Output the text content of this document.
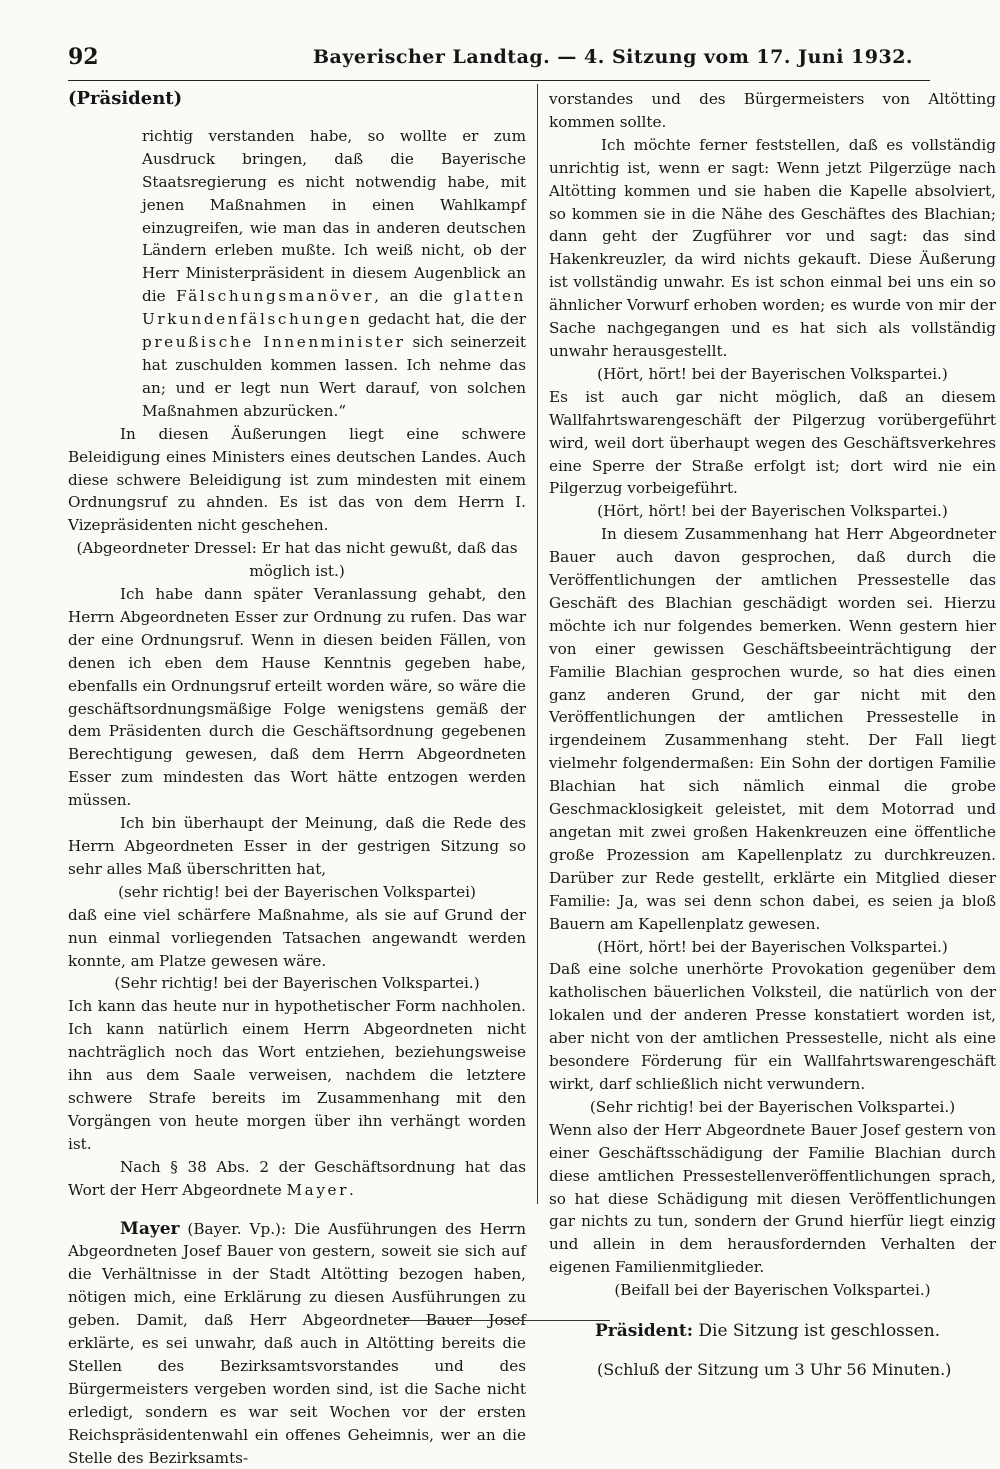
92	Bayerischer Landtag. — 4. Sitzung vom 17. Juni 1932.

(Präsident)

richtig verstanden habe, so wollte er zum Ausdruck bringen, daß die Bayerische Staatsregierung es nicht notwendig habe, mit jenen Maßnahmen in einen Wahlkampf einzugreifen, wie man das in anderen deutschen Ländern erleben mußte. Ich weiß nicht, ob der Herr Ministerpräsident in diesem Augenblick an die Fälschungsmanöver, an die glatten Urkundenfälschungen gedacht hat, die der preußische Innenminister sich seinerzeit hat zuschulden kommen lassen. Ich nehme das an; und er legt nun Wert darauf, von solchen Maßnahmen abzurücken.“

In diesen Äußerungen liegt eine schwere Beleidigung eines Ministers eines deutschen Landes. Auch diese schwere Beleidigung ist zum mindesten mit einem Ordnungsruf zu ahnden. Es ist das von dem Herrn I. Vizepräsidenten nicht geschehen.

(Abgeordneter Dressel: Er hat das nicht gewußt, daß das möglich ist.)

Ich habe dann später Veranlassung gehabt, den Herrn Abgeordneten Esser zur Ordnung zu rufen. Das war der eine Ordnungsruf. Wenn in diesen beiden Fällen, von denen ich eben dem Hause Kenntnis gegeben habe, ebenfalls ein Ordnungsruf erteilt worden wäre, so wäre die geschäftsordnungsmäßige Folge wenigstens gemäß der dem Präsidenten durch die Geschäftsordnung gegebenen Berechtigung gewesen, daß dem Herrn Abgeordneten Esser zum mindesten das Wort hätte entzogen werden müssen.

Ich bin überhaupt der Meinung, daß die Rede des Herrn Abgeordneten Esser in der gestrigen Sitzung so sehr alles Maß überschritten hat,

(sehr richtig! bei der Bayerischen Volkspartei)

daß eine viel schärfere Maßnahme, als sie auf Grund der nun einmal vorliegenden Tatsachen angewandt werden konnte, am Platze gewesen wäre.

(Sehr richtig! bei der Bayerischen Volkspartei.)

Ich kann das heute nur in hypothetischer Form nachholen. Ich kann natürlich einem Herrn Abgeordneten nicht nachträglich noch das Wort entziehen, beziehungsweise ihn aus dem Saale verweisen, nachdem die letztere schwere Strafe bereits im Zusammenhang mit den Vorgängen von heute morgen über ihn verhängt worden ist.

Nach § 38 Abs. 2 der Geschäftsordnung hat das Wort der Herr Abgeordnete Mayer.

Mayer (Bayer. Vp.): Die Ausführungen des Herrn Abgeordneten Josef Bauer von gestern, soweit sie sich auf die Verhältnisse in der Stadt Altötting bezogen haben, nötigen mich, eine Erklärung zu diesen Ausführungen zu geben. Damit, daß Herr Abgeordneter Bauer Josef erklärte, es sei unwahr, daß auch in Altötting bereits die Stellen des Bezirksamtsvorstandes und des Bürgermeisters vergeben worden sind, ist die Sache nicht erledigt, sondern es war seit Wochen vor der ersten Reichspräsidentenwahl ein offenes Geheimnis, wer an die Stelle des Bezirksamts-

vorstandes und des Bürgermeisters von Altötting kommen sollte.

Ich möchte ferner feststellen, daß es vollständig unrichtig ist, wenn er sagt: Wenn jetzt Pilgerzüge nach Altötting kommen und sie haben die Kapelle absolviert, so kommen sie in die Nähe des Geschäftes des Blachian; dann geht der Zugführer vor und sagt: das sind Hakenkreuzler, da wird nichts gekauft. Diese Äußerung ist vollständig unwahr. Es ist schon einmal bei uns ein so ähnlicher Vorwurf erhoben worden; es wurde von mir der Sache nachgegangen und es hat sich als vollständig unwahr herausgestellt.

(Hört, hört! bei der Bayerischen Volkspartei.)

Es ist auch gar nicht möglich, daß an diesem Wallfahrtswarengeschäft der Pilgerzug vorübergeführt wird, weil dort überhaupt wegen des Geschäftsverkehres eine Sperre der Straße erfolgt ist; dort wird nie ein Pilgerzug vorbeigeführt.

(Hört, hört! bei der Bayerischen Volkspartei.)

In diesem Zusammenhang hat Herr Abgeordneter Bauer auch davon gesprochen, daß durch die Veröffentlichungen der amtlichen Pressestelle das Geschäft des Blachian geschädigt worden sei. Hierzu möchte ich nur folgendes bemerken. Wenn gestern hier von einer gewissen Geschäftsbeeinträchtigung der Familie Blachian gesprochen wurde, so hat dies einen ganz anderen Grund, der gar nicht mit den Veröffentlichungen der amtlichen Pressestelle in irgendeinem Zusammenhang steht. Der Fall liegt vielmehr folgendermaßen: Ein Sohn der dortigen Familie Blachian hat sich nämlich einmal die grobe Geschmacklosigkeit geleistet, mit dem Motorrad und angetan mit zwei großen Hakenkreuzen eine öffentliche große Prozession am Kapellenplatz zu durchkreuzen. Darüber zur Rede gestellt, erklärte ein Mitglied dieser Familie: Ja, was sei denn schon dabei, es seien ja bloß Bauern am Kapellenplatz gewesen.

(Hört, hört! bei der Bayerischen Volkspartei.)

Daß eine solche unerhörte Provokation gegenüber dem katholischen bäuerlichen Volksteil, die natürlich von der lokalen und der anderen Presse konstatiert worden ist, aber nicht von der amtlichen Pressestelle, nicht als eine besondere Förderung für ein Wallfahrtswarengeschäft wirkt, darf schließlich nicht verwundern.

(Sehr richtig! bei der Bayerischen Volkspartei.)

Wenn also der Herr Abgeordnete Bauer Josef gestern von einer Geschäftsschädigung der Familie Blachian durch diese amtlichen Pressestellenveröffentlichungen sprach, so hat diese Schädigung mit diesen Veröffentlichungen gar nichts zu tun, sondern der Grund hierfür liegt einzig und allein in dem herausfordernden Verhalten der eigenen Familienmitglieder.

(Beifall bei der Bayerischen Volkspartei.)

Präsident: Die Sitzung ist geschlossen.

(Schluß der Sitzung um 3 Uhr 56 Minuten.)
